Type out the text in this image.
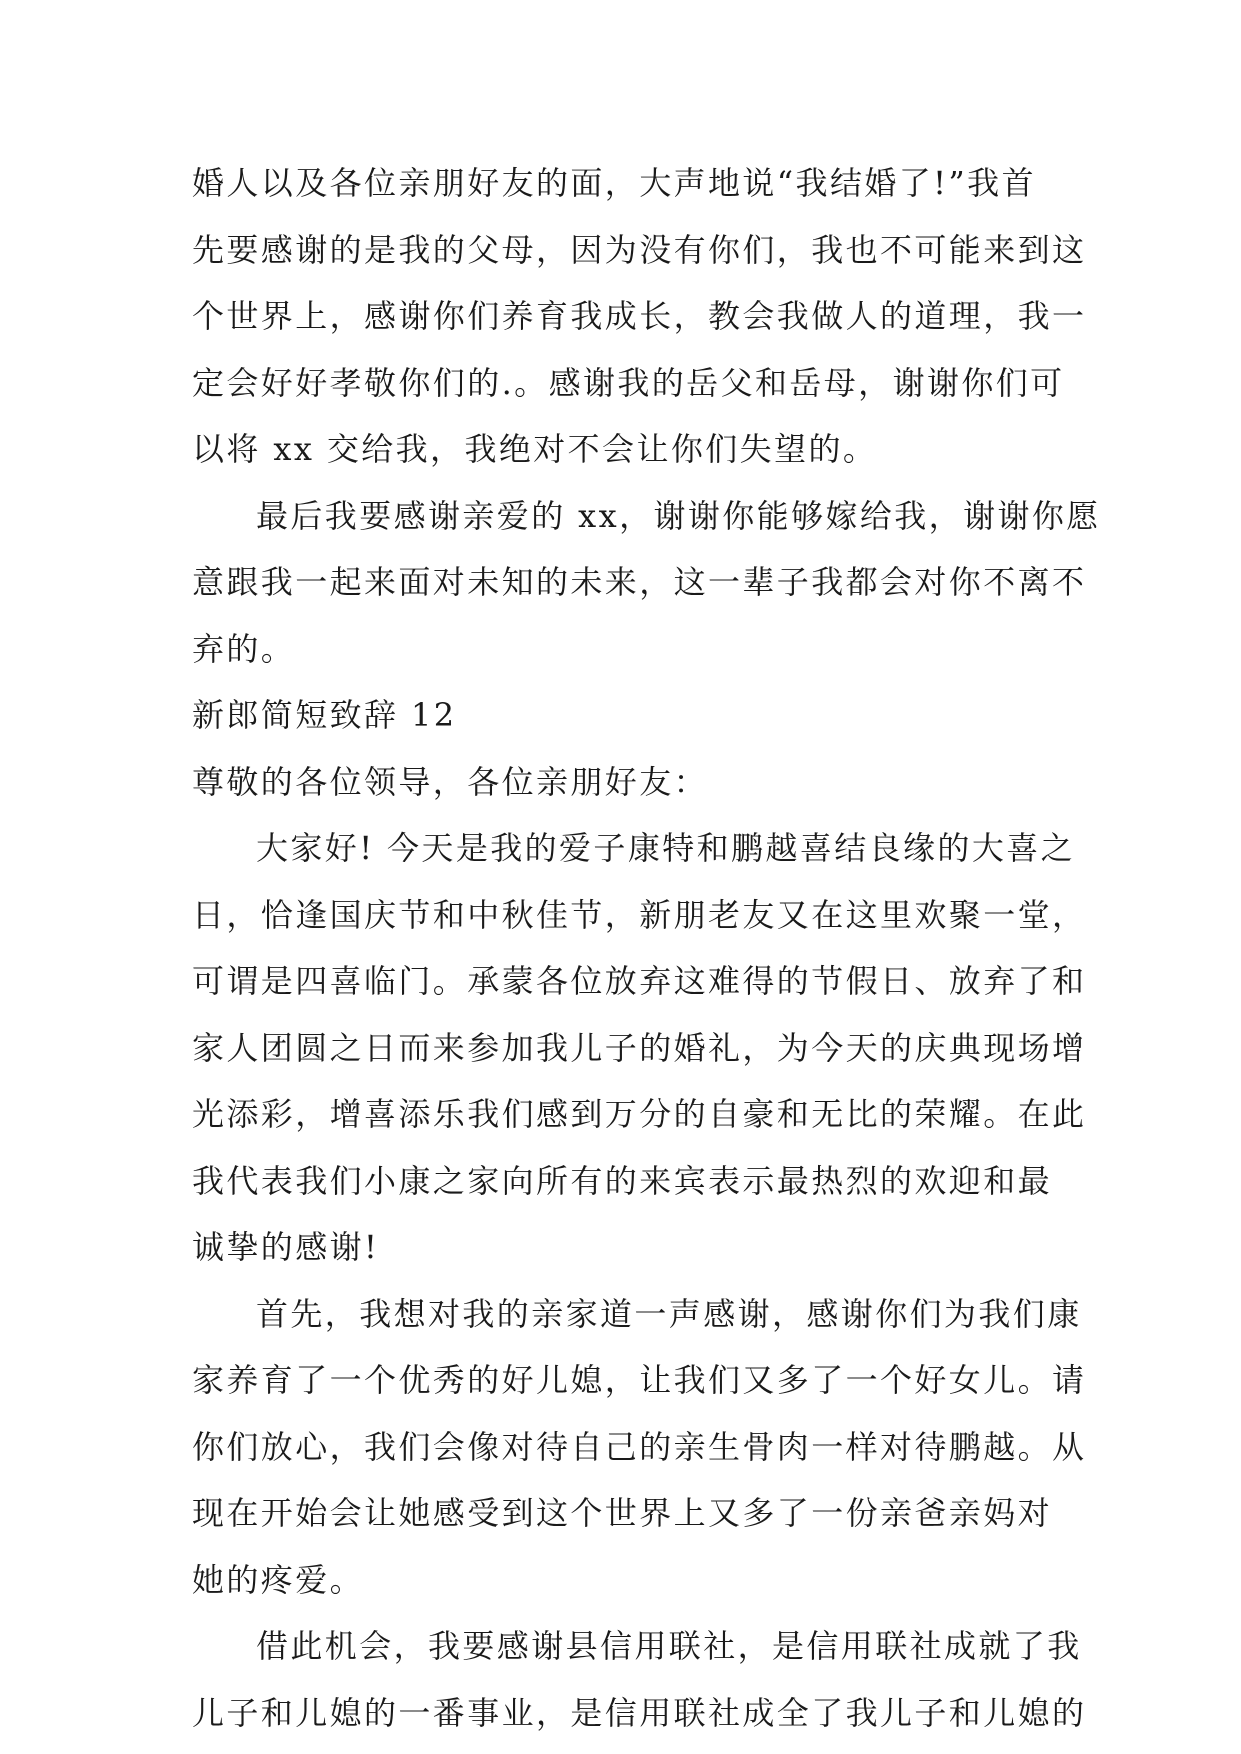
婚人以及各位亲朋好友的面，大声地说“我结婚了!”我首
先要感谢的是我的父母，因为没有你们，我也不可能来到这
个世界上，感谢你们养育我成长，教会我做人的道理，我一
定会好好孝敬你们的.。感谢我的岳父和岳母，谢谢你们可
以将 xx 交给我，我绝对不会让你们失望的。
最后我要感谢亲爱的 xx，谢谢你能够嫁给我，谢谢你愿
意跟我一起来面对未知的未来，这一辈子我都会对你不离不
弃的。
新郎简短致辞 12
尊敬的各位领导，各位亲朋好友：
大家好! 今天是我的爱子康特和鹏越喜结良缘的大喜之
日，恰逢国庆节和中秋佳节，新朋老友又在这里欢聚一堂，
可谓是四喜临门。承蒙各位放弃这难得的节假日、放弃了和
家人团圆之日而来参加我儿子的婚礼，为今天的庆典现场增
光添彩，增喜添乐我们感到万分的自豪和无比的荣耀。在此
我代表我们小康之家向所有的来宾表示最热烈的欢迎和最
诚挚的感谢!
首先，我想对我的亲家道一声感谢，感谢你们为我们康
家养育了一个优秀的好儿媳，让我们又多了一个好女儿。请
你们放心，我们会像对待自己的亲生骨肉一样对待鹏越。从
现在开始会让她感受到这个世界上又多了一份亲爸亲妈对
她的疼爱。
借此机会，我要感谢县信用联社，是信用联社成就了我
儿子和儿媳的一番事业，是信用联社成全了我儿子和儿媳的
